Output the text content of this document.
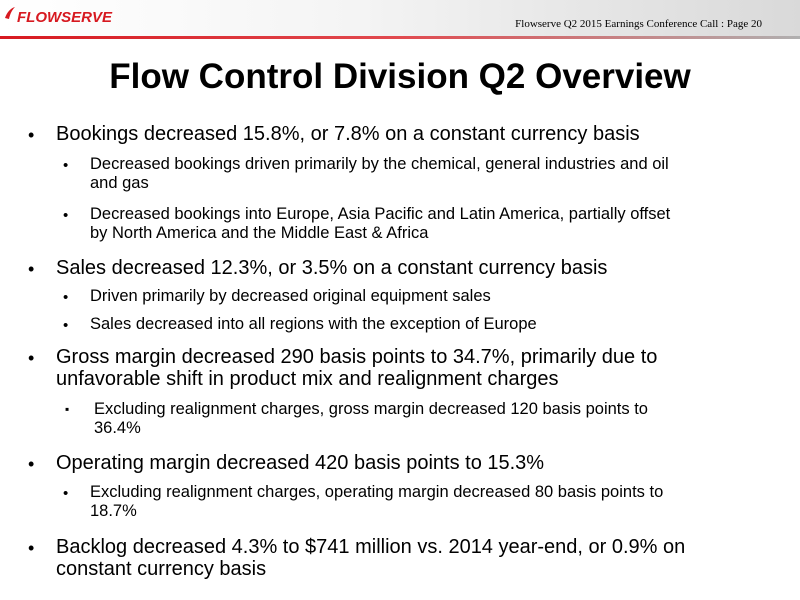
FLOWSERVE	Flowserve Q2 2015 Earnings Conference Call : Page 20
Flow Control Division Q2 Overview
• Bookings decreased 15.8%, or 7.8% on a constant currency basis
• Decreased bookings driven primarily by the chemical, general industries and oil
and gas
• Decreased bookings into Europe, Asia Pacific and Latin America, partially offset
by North America and the Middle East & Africa
• Sales decreased 12.3%, or 3.5% on a constant currency basis
• Driven primarily by decreased original equipment sales
• Sales decreased into all regions with the exception of Europe
• Gross margin decreased 290 basis points to 34.7%, primarily due to
unfavorable shift in product mix and realignment charges
▪ Excluding realignment charges, gross margin decreased 120 basis points to
36.4%
• Operating margin decreased 420 basis points to 15.3%
• Excluding realignment charges, operating margin decreased 80 basis points to
18.7%
• Backlog decreased 4.3% to $741 million vs. 2014 year-end, or 0.9% on
constant currency basis
